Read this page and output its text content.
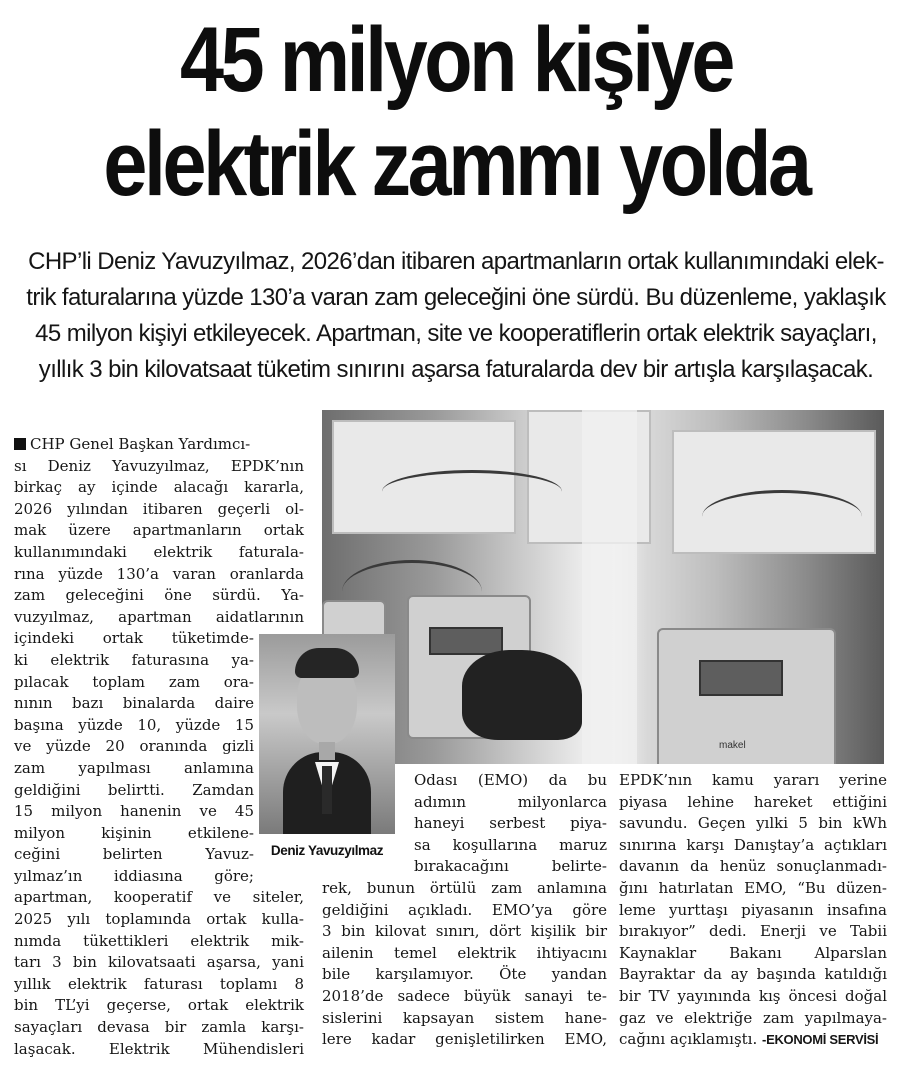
45 milyon kişiye
elektrik zammı yolda
CHP’li Deniz Yavuzyılmaz, 2026’dan itibaren apartmanların ortak kullanımındaki elek-
trik faturalarına yüzde 130’a varan zam geleceğini öne sürdü. Bu düzenleme, yaklaşık
45 milyon kişiyi etkileyecek. Apartman, site ve kooperatiflerin ortak elektrik sayaçları,
yıllık 3 bin kilovatsaat tüketim sınırını aşarsa faturalarda dev bir artışla karşılaşacak.
makel
Deniz Yavuzyılmaz
CHP Genel Başkan Yardımcı-
sı Deniz Yavuzyılmaz, EPDK’nın
birkaç ay içinde alacağı kararla,
2026 yılından itibaren geçerli ol-
mak üzere apartmanların ortak
kullanımındaki elektrik faturala-
rına yüzde 130’a varan oranlarda
zam geleceğini öne sürdü. Ya-
vuzyılmaz, apartman aidatlarının
içindeki ortak tüketimde-
ki elektrik faturasına ya-
pılacak toplam zam ora-
nının bazı binalarda daire
başına yüzde 10, yüzde 15
ve yüzde 20 oranında gizli
zam yapılması anlamına
geldiğini belirtti. Zamdan
15 milyon hanenin ve 45
milyon kişinin etkilene-
ceğini belirten Yavuz-
yılmaz’ın iddiasına göre;
apartman, kooperatif ve siteler,
2025 yılı toplamında ortak kulla-
nımda tükettikleri elektrik mik-
tarı 3 bin kilovatsaati aşarsa, yani
yıllık elektrik faturası toplamı 8
bin TL’yi geçerse, ortak elektrik
sayaçları devasa bir zamla karşı-
laşacak. Elektrik Mühendisleri
Odası (EMO) da bu
adımın milyonlarca
haneyi serbest piya-
sa koşullarına maruz
bırakacağını belirte-
rek, bunun örtülü zam anlamına
geldiğini açıkladı. EMO’ya göre
3 bin kilovat sınırı, dört kişilik bir
ailenin temel elektrik ihtiyacını
bile karşılamıyor. Öte yandan
2018’de sadece büyük sanayi te-
sislerini kapsayan sistem hane-
lere kadar genişletilirken EMO,
EPDK’nın kamu yararı yerine
piyasa lehine hareket ettiğini
savundu. Geçen yılki 5 bin kWh
sınırına karşı Danıştay’a açtıkları
davanın da henüz sonuçlanmadı-
ğını hatırlatan EMO, “Bu düzen-
leme yurttaşı piyasanın insafına
bırakıyor” dedi. Enerji ve Tabii
Kaynaklar Bakanı Alparslan
Bayraktar da ay başında katıldığı
bir TV yayınında kış öncesi doğal
gaz ve elektriğe zam yapılmaya-
cağını açıklamıştı. -EKONOMİ SERVİSİ
